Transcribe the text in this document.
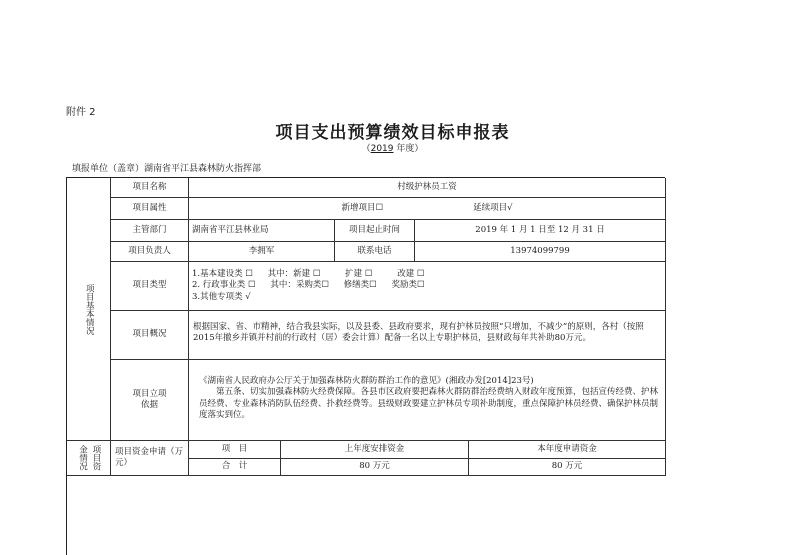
附件 2
项目支出预算绩效目标申报表
（2019 年度）
填报单位（盖章）湖南省平江县森林防火指挥部
项目基本情况
金情况 项目资
项目名称	村级护林员工资
项目属性	新增项目☐	延续项目√
主管部门	湖南省平江县林业局	项目起止时间	2019 年 1 月 1 日至 12 月 31 日
项目负责人	李拥军	联系电话	13974099799
项目类型
1.基本建设类 ☐ 其中：新建 ☐	扩建 ☐	改建 ☐
2. 行政事业类 ☐ 其中：采购类☐ 修缮类☐ 奖励类☐
3.其他专项类 √
项目概况
根据国家、省、市精神，结合我县实际，以及县委、县政府要求，现有护林员按照“只增加，不减少”的原则，各村（按照2015年撤乡并镇并村前的行政村（居）委会计算）配备一名以上专职护林员，县财政每年共补助80万元。
项目立项
依据
《湖南省人民政府办公厅关于加强森林防火群防群治工作的意见》(湘政办发[2014]23号)
第五条、切实加强森林防火经费保障。各县市区政府要把森林火群防群治经费纳入财政年度预算，包括宣传经费、护林员经费、专业森林消防队伍经费、扑救经费等。县级财政要建立护林员专项补助制度，重点保障护林员经费、确保护林员制度落实到位。
项目资金申请（万元）
项　目	上年度安排资金	本年度申请资金
合　计	80 万元	80 万元
